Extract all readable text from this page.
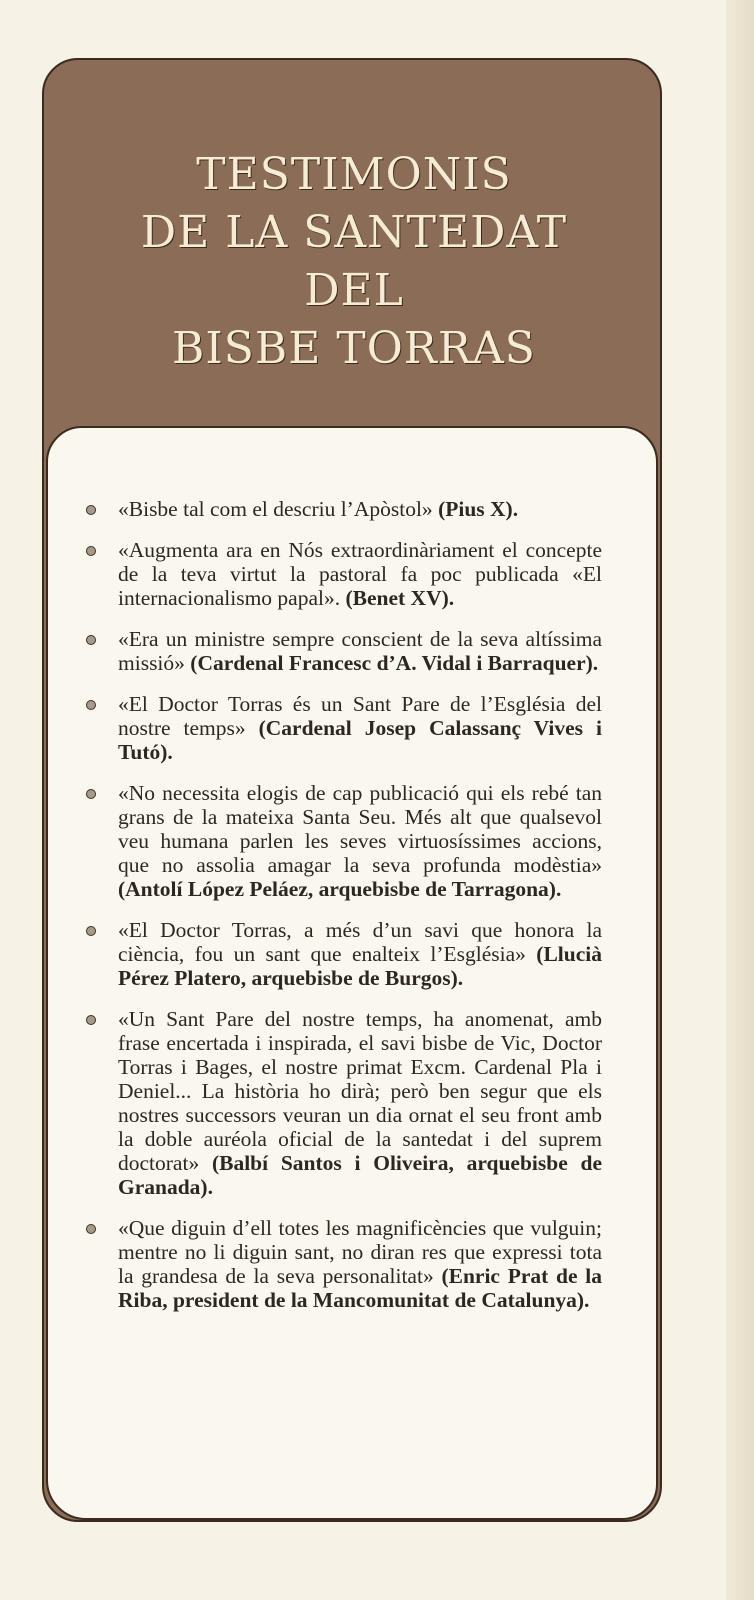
TESTIMONIS
DE LA SANTEDAT
DEL
BISBE TORRAS
«Bisbe tal com el descriu l’Apòstol» (Pius X).
«Augmenta ara en Nós extraordinàriament el concepte de la teva virtut la pastoral fa poc publicada «El internacionalismo papal». (Benet XV).
«Era un ministre sempre conscient de la seva altíssima missió» (Cardenal Francesc d’A. Vidal i Barraquer).
«El Doctor Torras és un Sant Pare de l’Església del nostre temps» (Cardenal Josep Calassanç Vives i Tutó).
«No necessita elogis de cap publicació qui els rebé tan grans de la mateixa Santa Seu. Més alt que qualsevol veu humana parlen les seves virtuosíssimes accions, que no assolia amagar la seva profunda modèstia» (Antolí López Peláez, arquebisbe de Tarragona).
«El Doctor Torras, a més d’un savi que honora la ciència, fou un sant que enalteix l’Església» (Llucià Pérez Platero, arquebisbe de Burgos).
«Un Sant Pare del nostre temps, ha anomenat, amb frase encertada i inspirada, el savi bisbe de Vic, Doctor Torras i Bages, el nostre primat Excm. Cardenal Pla i Deniel... La història ho dirà; però ben segur que els nostres successors veuran un dia ornat el seu front amb la doble auréola oficial de la santedat i del suprem doctorat» (Balbí Santos i Oliveira, arquebisbe de Granada).
«Que diguin d’ell totes les magnificències que vulguin; mentre no li diguin sant, no diran res que expressi tota la grandesa de la seva personalitat» (Enric Prat de la Riba, president de la Mancomunitat de Catalunya).
